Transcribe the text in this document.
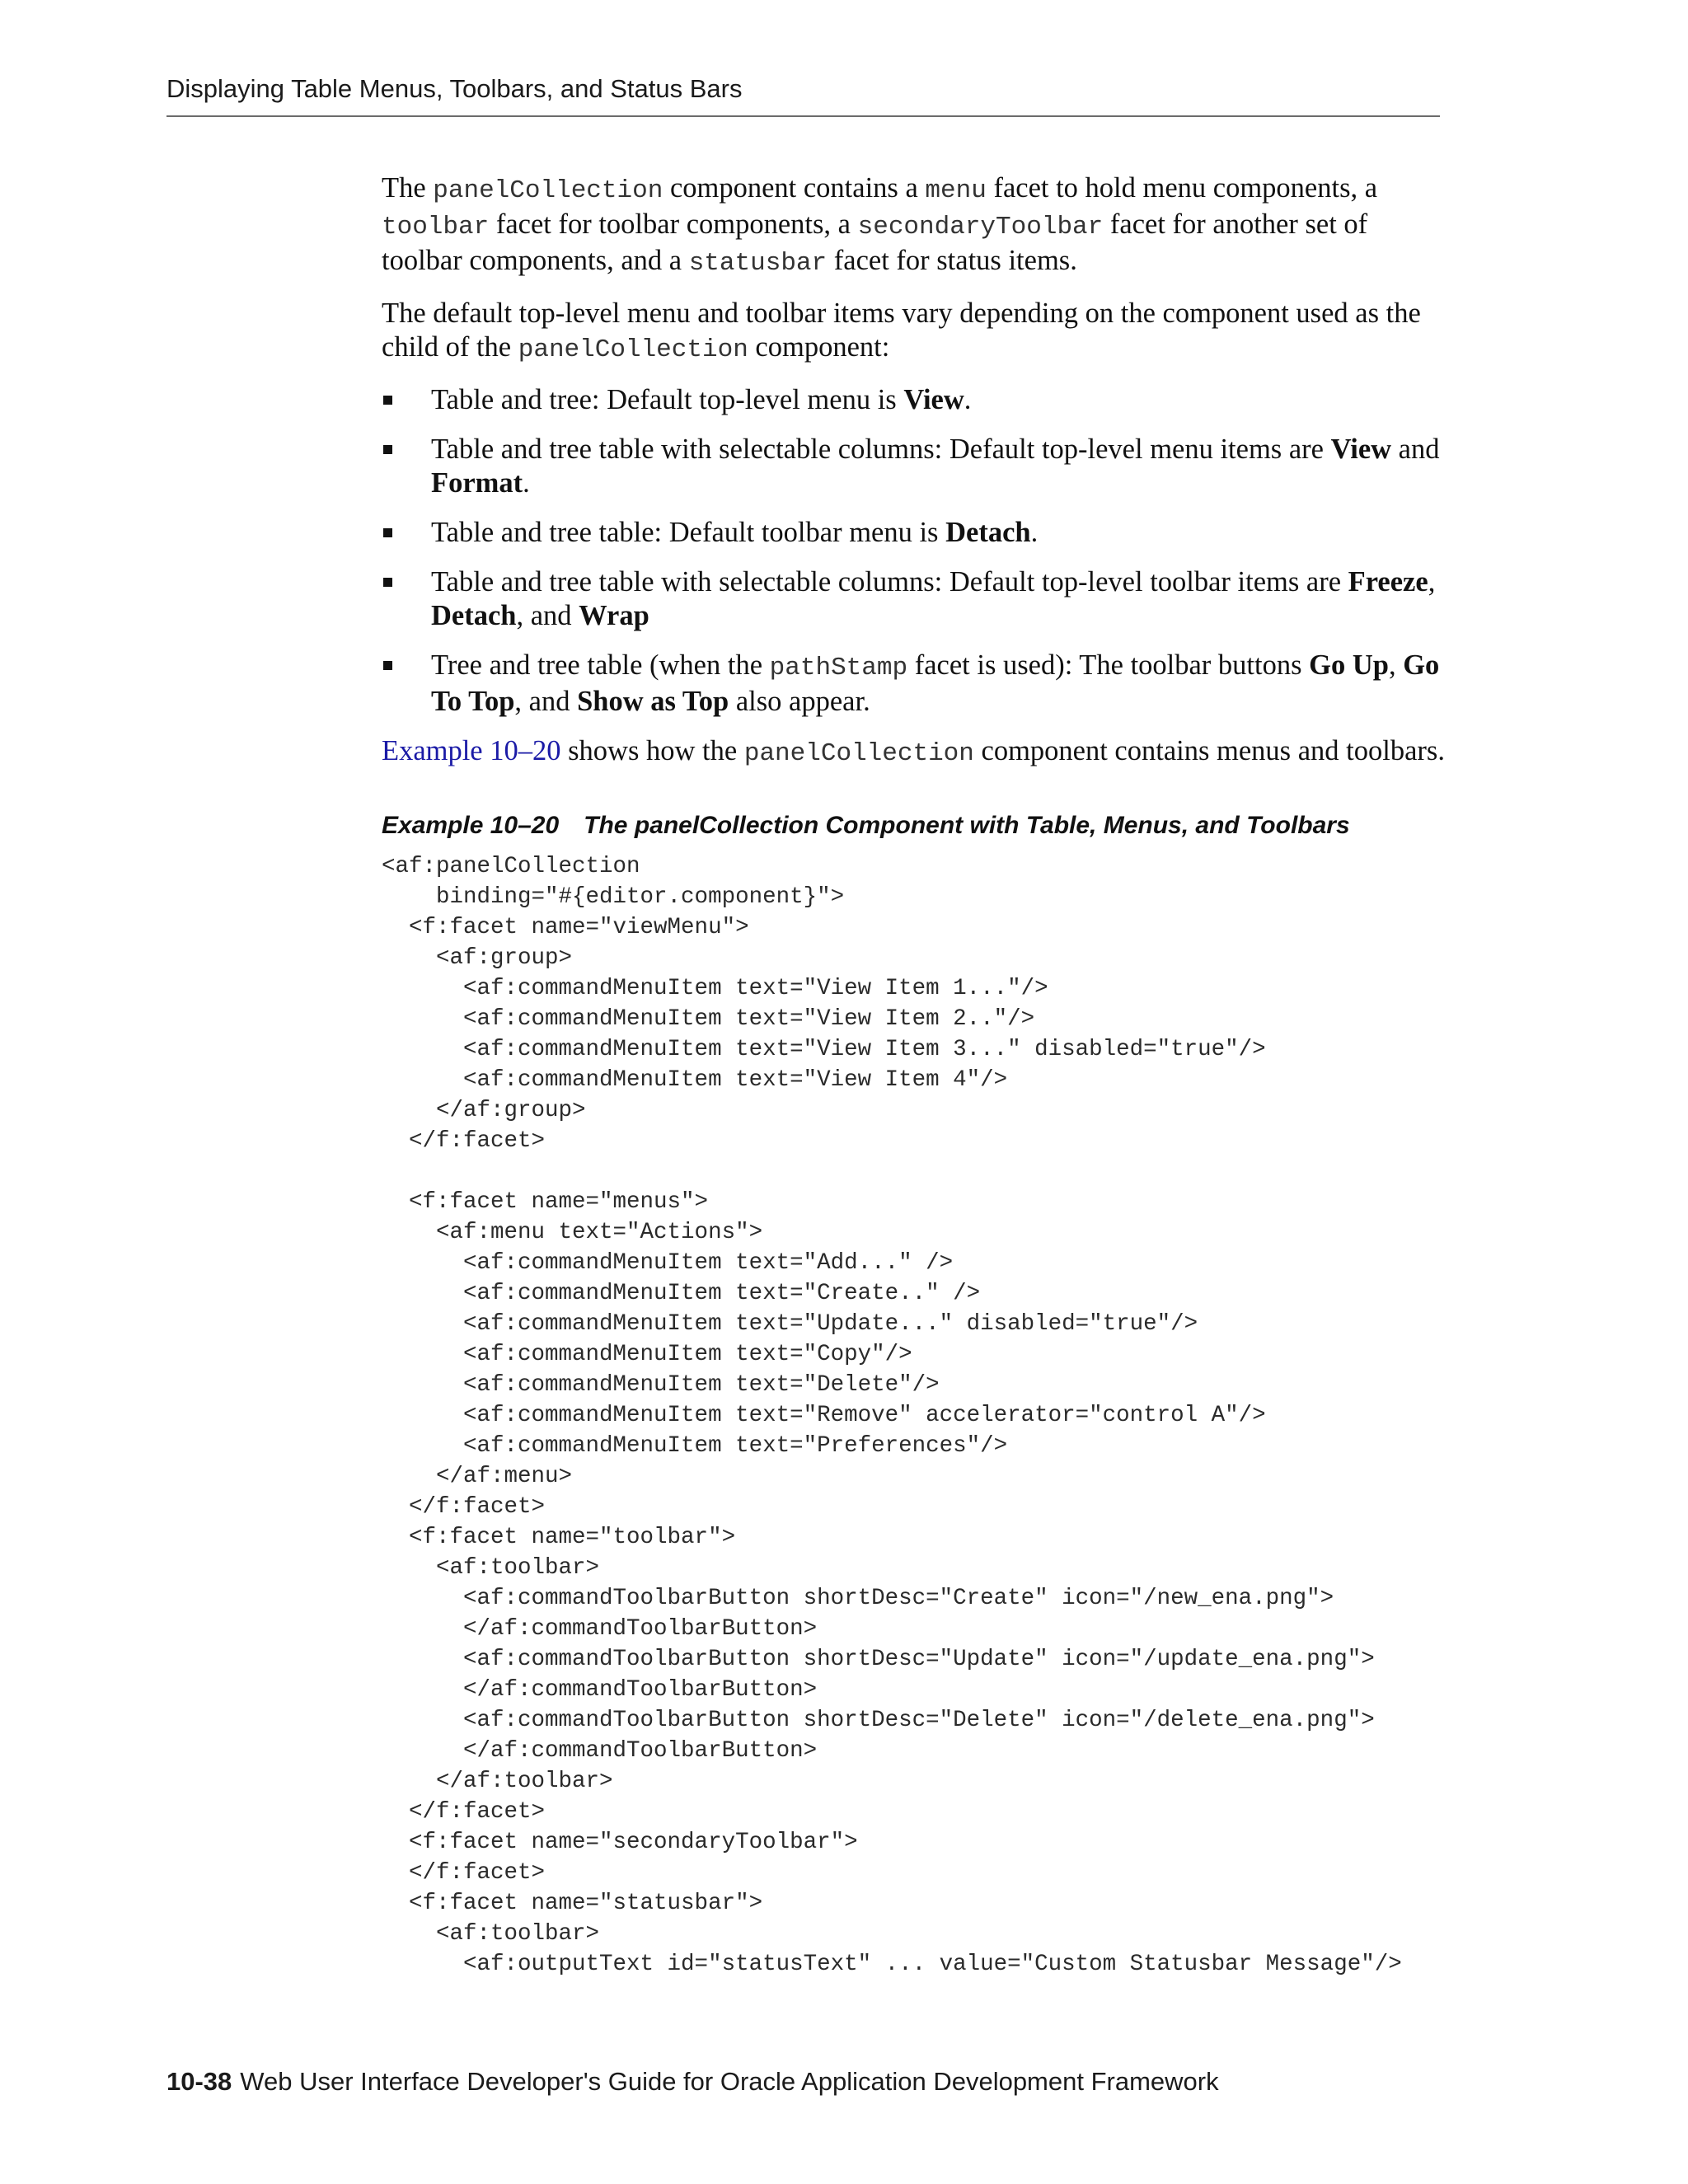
Displaying Table Menus, Toolbars, and Status Bars

The panelCollection component contains a menu facet to hold menu components, a toolbar facet for toolbar components, a secondaryToolbar facet for another set of toolbar components, and a statusbar facet for status items.

The default top-level menu and toolbar items vary depending on the component used as the child of the panelCollection component:

Table and tree: Default top-level menu is View.
Table and tree table with selectable columns: Default top-level menu items are View and Format.
Table and tree table: Default toolbar menu is Detach.
Table and tree table with selectable columns: Default top-level toolbar items are Freeze, Detach, and Wrap
Tree and tree table (when the pathStamp facet is used): The toolbar buttons Go Up, Go To Top, and Show as Top also appear.

Example 10–20 shows how the panelCollection component contains menus and toolbars.

Example 10–20 The panelCollection Component with Table, Menus, and Toolbars
<af:panelCollection
binding="#{editor.component}">
<f:facet name="viewMenu">
<af:group>
<af:commandMenuItem text="View Item 1..."/>
<af:commandMenuItem text="View Item 2.."/>
<af:commandMenuItem text="View Item 3..." disabled="true"/>
<af:commandMenuItem text="View Item 4"/>
</af:group>
</f:facet>
<f:facet name="menus">
<af:menu text="Actions">
<af:commandMenuItem text="Add..." />
<af:commandMenuItem text="Create.." />
<af:commandMenuItem text="Update..." disabled="true"/>
<af:commandMenuItem text="Copy"/>
<af:commandMenuItem text="Delete"/>
<af:commandMenuItem text="Remove" accelerator="control A"/>
<af:commandMenuItem text="Preferences"/>
</af:menu>
</f:facet>
<f:facet name="toolbar">
<af:toolbar>
<af:commandToolbarButton shortDesc="Create" icon="/new_ena.png">
</af:commandToolbarButton>
<af:commandToolbarButton shortDesc="Update" icon="/update_ena.png">
</af:commandToolbarButton>
<af:commandToolbarButton shortDesc="Delete" icon="/delete_ena.png">
</af:commandToolbarButton>
</af:toolbar>
</f:facet>
<f:facet name="secondaryToolbar">
</f:facet>
<f:facet name="statusbar">
<af:toolbar>
<af:outputText id="statusText" ... value="Custom Statusbar Message"/>
10-38 Web User Interface Developer's Guide for Oracle Application Development Framework
